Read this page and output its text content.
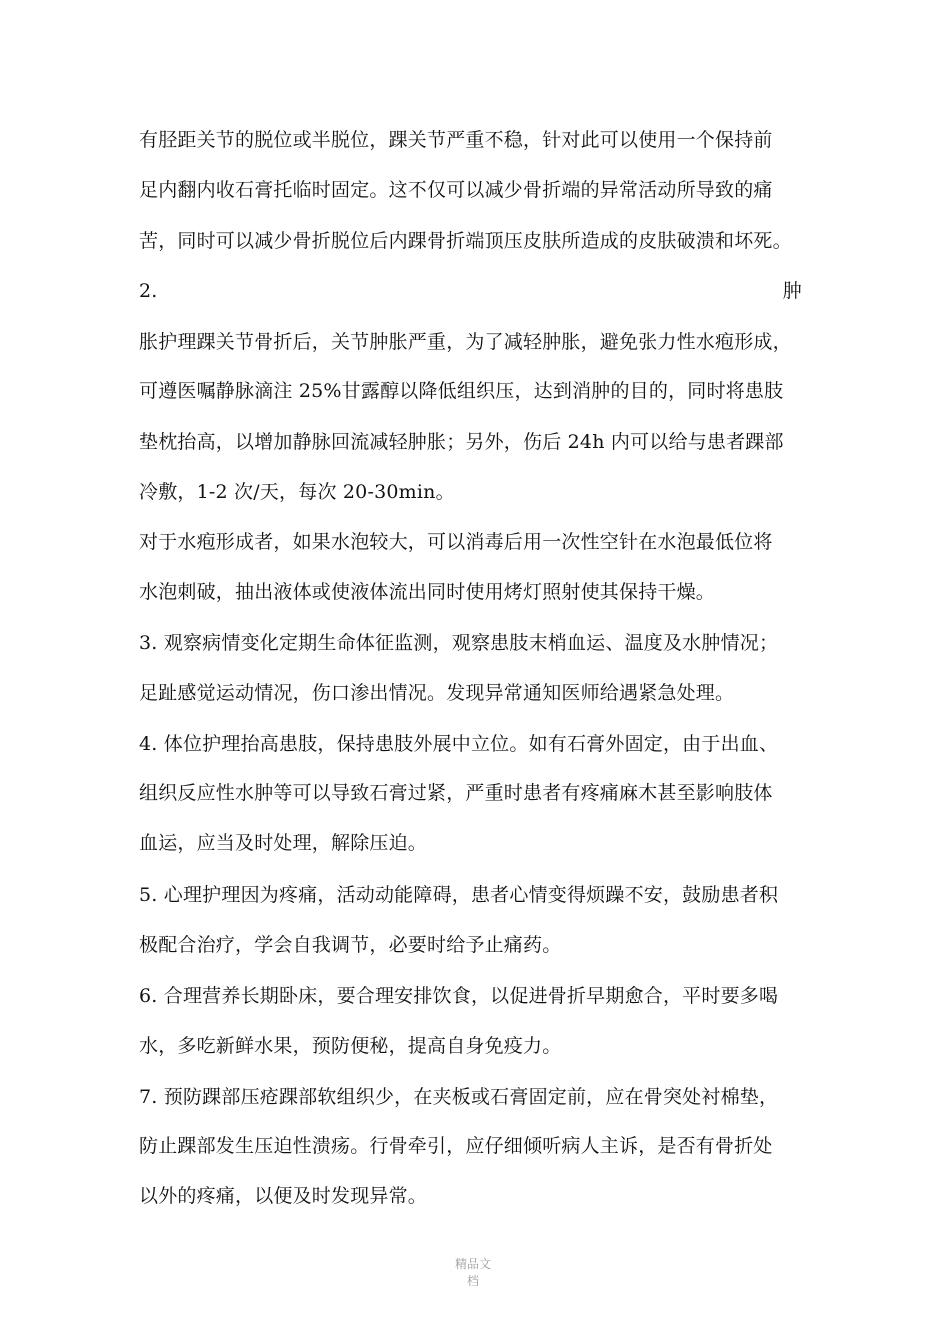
有胫距关节的脱位或半脱位，踝关节严重不稳，针对此可以使用一个保持前
足内翻内收石膏托临时固定。这不仅可以减少骨折端的异常活动所导致的痛
苦，同时可以减少骨折脱位后内踝骨折端顶压皮肤所造成的皮肤破溃和坏死。
2.	肿
胀护理踝关节骨折后，关节肿胀严重，为了减轻肿胀，避免张力性水疱形成，
可遵医嘱静脉滴注 25%甘露醇以降低组织压，达到消肿的目的，同时将患肢
垫枕抬高，以增加静脉回流减轻肿胀；另外，伤后 24h 内可以给与患者踝部
冷敷，1-2 次/天，每次 20-30min。
对于水疱形成者，如果水泡较大，可以消毒后用一次性空针在水泡最低位将
水泡刺破，抽出液体或使液体流出同时使用烤灯照射使其保持干燥。
3. 观察病情变化定期生命体征监测，观察患肢末梢血运、温度及水肿情况；
足趾感觉运动情况，伤口渗出情况。发现异常通知医师给遇紧急处理。
4. 体位护理抬高患肢，保持患肢外展中立位。如有石膏外固定，由于出血、
组织反应性水肿等可以导致石膏过紧，严重时患者有疼痛麻木甚至影响肢体
血运，应当及时处理，解除压迫。
5. 心理护理因为疼痛，活动动能障碍，患者心情变得烦躁不安，鼓励患者积
极配合治疗，学会自我调节，必要时给予止痛药。
6. 合理营养长期卧床，要合理安排饮食，以促进骨折早期愈合，平时要多喝
水，多吃新鲜水果，预防便秘，提高自身免疫力。
7. 预防踝部压疮踝部软组织少，在夹板或石膏固定前，应在骨突处衬棉垫，
防止踝部发生压迫性溃疡。行骨牵引，应仔细倾听病人主诉，是否有骨折处
以外的疼痛，以便及时发现异常。
精品文
档
